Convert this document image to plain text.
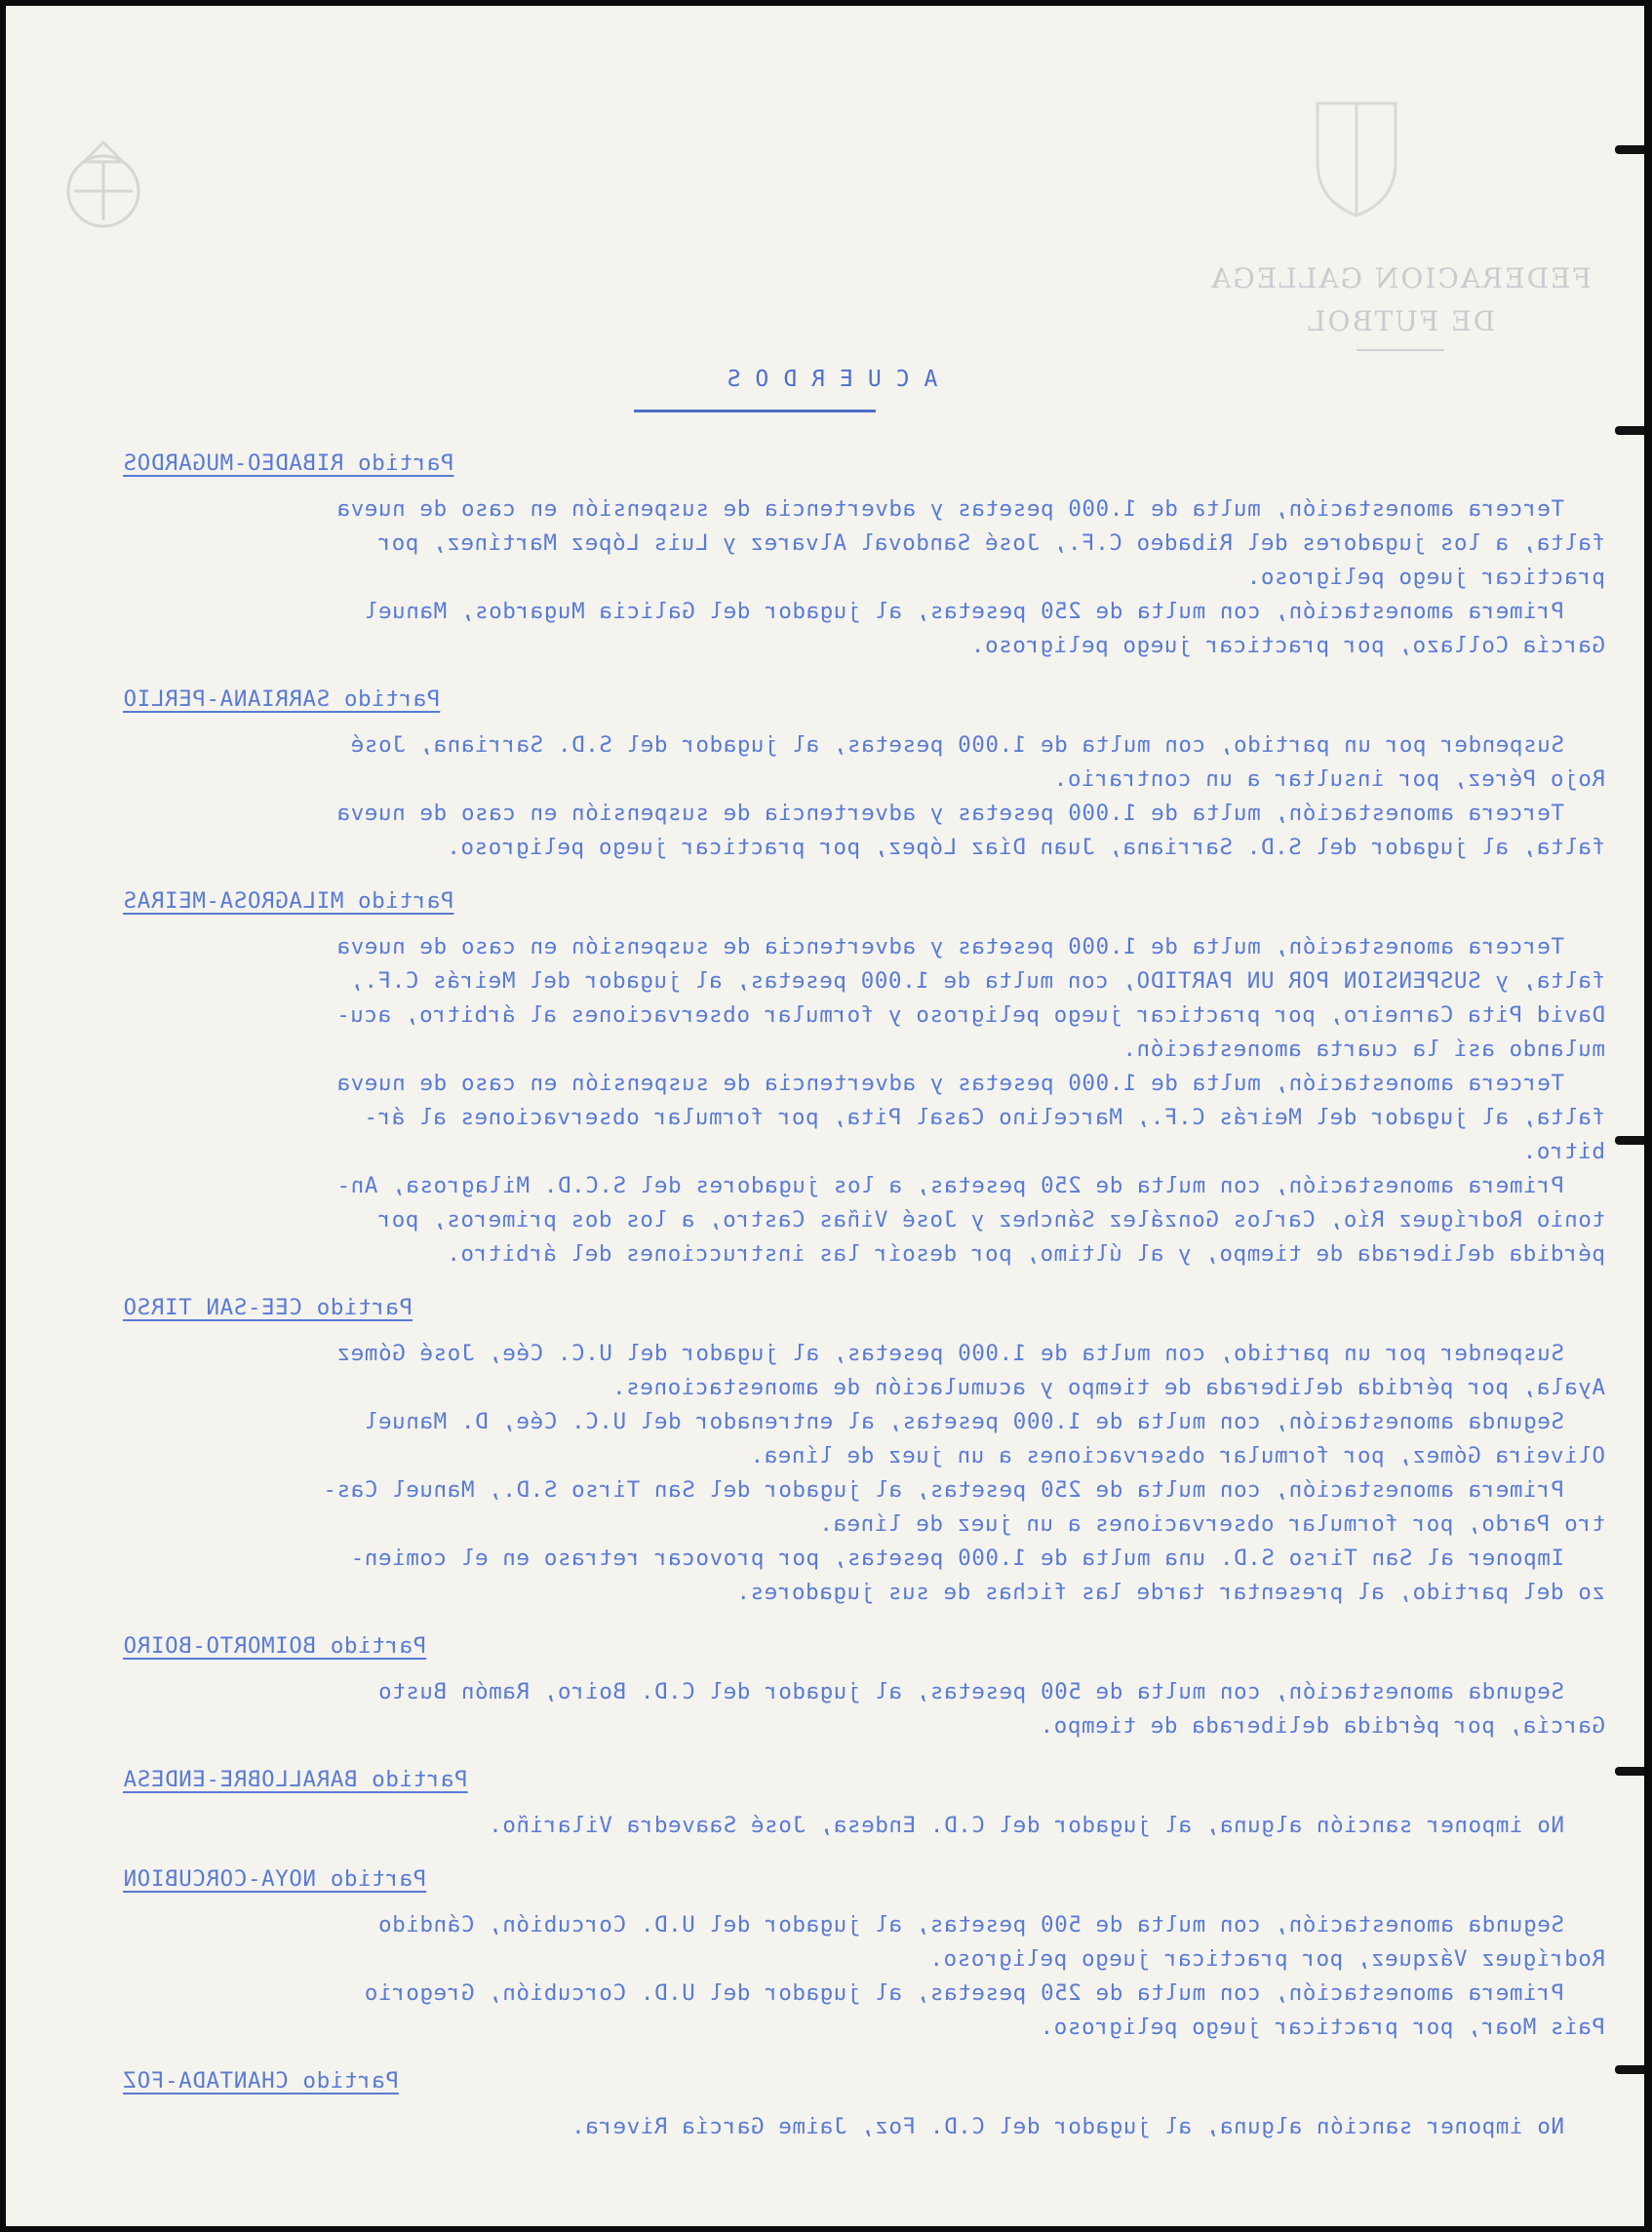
FEDERACION GALLEGA
DE FUTBOL
ACUERDOS
Partido RIBADEO-MUGARDOS

Tercera amonestación, multa de 1.000 pesetas y advertencia de suspensión en caso de nueva
falta, a los jugadores del Ribadeo C.F., José Sandoval Alvarez y Luis López Martínez, por
practicar juego peligroso.

Primera amonestación, con multa de 250 pesetas, al jugador del Galicia Mugardos, Manuel
García Collazo, por practicar juego peligroso.

Partido SARRIANA-PERLIO

Suspender por un partido, con multa de 1.000 pesetas, al jugador del S.D. Sarriana, José
Rojo Pérez, por insultar a un contrario.

Tercera amonestación, multa de 1.000 pesetas y advertencia de suspensión en caso de nueva
falta, al jugador del S.D. Sarriana, Juan Díaz López, por practicar juego peligroso.

Partido MILAGROSA-MEIRAS

Tercera amonestación, multa de 1.000 pesetas y advertencia de suspensión en caso de nueva
falta, y SUSPENSION POR UN PARTIDO, con multa de 1.000 pesetas, al jugador del Meirás C.F.,
David Pita Carneiro, por practicar juego peligroso y formular observaciones al árbitro, acu-
mulando así la cuarta amonestación.

Tercera amonestación, multa de 1.000 pesetas y advertencia de suspensión en caso de nueva
falta, al jugador del Meirás C.F., Marcelino Casal Pita, por formular observaciones al ár-
bitro.

Primera amonestación, con multa de 250 pesetas, a los jugadores del S.C.D. Milagrosa, An-
tonio Rodríguez Río, Carlos González Sánchez y José Viñas Castro, a los dos primeros, por
pérdida deliberada de tiempo, y al último, por desoír las instrucciones del árbitro.

Partido CEE-SAN TIRSO

Suspender por un partido, con multa de 1.000 pesetas, al jugador del U.C. Cée, José Gómez
Ayala, por pérdida deliberada de tiempo y acumulación de amonestaciones.

Segunda amonestación, con multa de 1.000 pesetas, al entrenador del U.C. Cée, D. Manuel
Oliveira Gómez, por formular observaciones a un juez de línea.

Primera amonestación, con multa de 250 pesetas, al jugador del San Tirso S.D., Manuel Cas-
tro Pardo, por formular observaciones a un juez de línea.

Imponer al San Tirso S.D. una multa de 1.000 pesetas, por provocar retraso en el comien-
zo del partido, al presentar tarde las fichas de sus jugadores.

Partido BOIMORTO-BOIRO

Segunda amonestación, con multa de 500 pesetas, al jugador del C.D. Boiro, Ramón Busto
García, por pérdida deliberada de tiempo.

Partido BARALLOBRE-ENDESA

No imponer sanción alguna, al jugador del C.D. Endesa, José Saavedra Vilariño.

Partido NOYA-CORCUBION

Segunda amonestación, con multa de 500 pesetas, al jugador del U.D. Corcubión, Cándido
Rodríguez Vázquez, por practicar juego peligroso.

Primera amonestación, con multa de 250 pesetas, al jugador del U.D. Corcubión, Gregorio
País Moar, por practicar juego peligroso.

Partido CHANTADA-FOZ

No imponer sanción alguna, al jugador del C.D. Foz, Jaime García Rivera.
